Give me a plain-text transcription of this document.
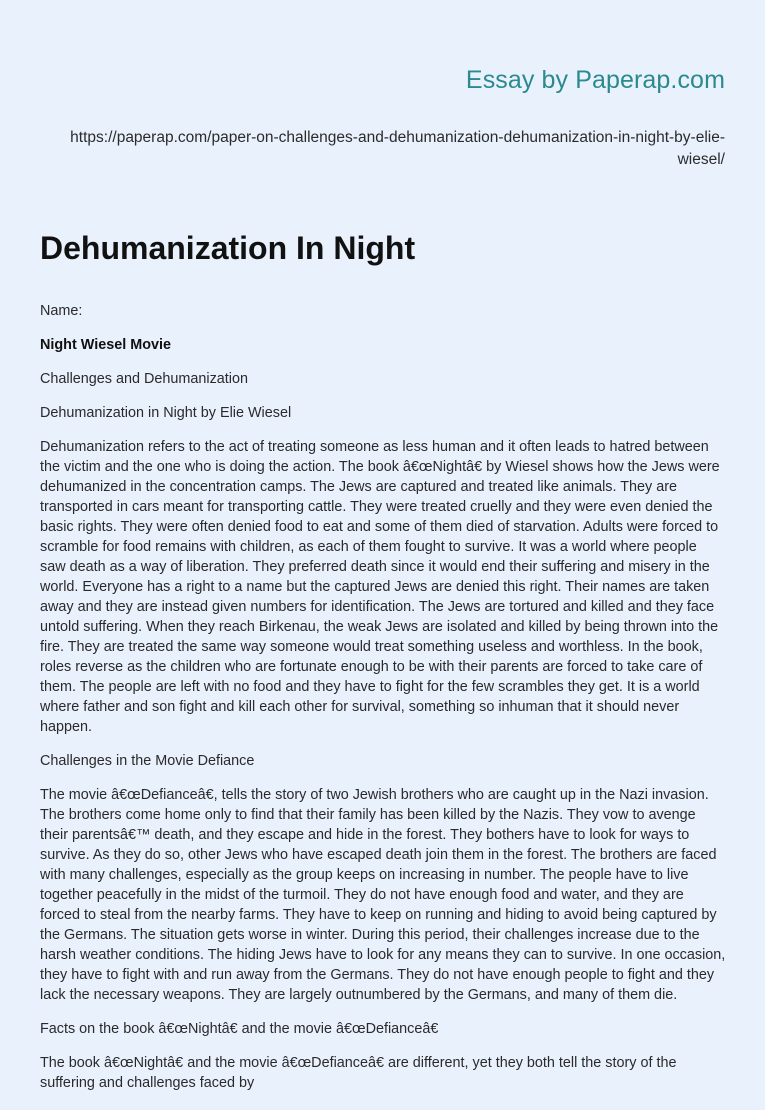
Essay by Paperap.com
https://paperap.com/paper-on-challenges-and-dehumanization-dehumanization-in-night-by-elie-wiesel/
Dehumanization In Night

Name:

Night Wiesel Movie

Challenges and Dehumanization

Dehumanization in Night by Elie Wiesel

Dehumanization refers to the act of treating someone as less human and it often leads to hatred between the victim and the one who is doing the action. The book â€œNightâ€ by Wiesel shows how the Jews were dehumanized in the concentration camps. The Jews are captured and treated like animals. They are transported in cars meant for transporting cattle. They were treated cruelly and they were even denied the basic rights. They were often denied food to eat and some of them died of starvation. Adults were forced to scramble for food remains with children, as each of them fought to survive. It was a world where people saw death as a way of liberation. They preferred death since it would end their suffering and misery in the world. Everyone has a right to a name but the captured Jews are denied this right. Their names are taken away and they are instead given numbers for identification. The Jews are tortured and killed and they face untold suffering. When they reach Birkenau, the weak Jews are isolated and killed by being thrown into the fire. They are treated the same way someone would treat something useless and worthless. In the book, roles reverse as the children who are fortunate enough to be with their parents are forced to take care of them. The people are left with no food and they have to fight for the few scrambles they get. It is a world where father and son fight and kill each other for survival, something so inhuman that it should never happen.

Challenges in the Movie Defiance

The movie â€œDefianceâ€, tells the story of two Jewish brothers who are caught up in the Nazi invasion. The brothers come home only to find that their family has been killed by the Nazis. They vow to avenge their parentsâ€™ death, and they escape and hide in the forest. They bothers have to look for ways to survive. As they do so, other Jews who have escaped death join them in the forest. The brothers are faced with many challenges, especially as the group keeps on increasing in number. The people have to live together peacefully in the midst of the turmoil. They do not have enough food and water, and they are forced to steal from the nearby farms. They have to keep on running and hiding to avoid being captured by the Germans. The situation gets worse in winter. During this period, their challenges increase due to the harsh weather conditions. The hiding Jews have to look for any means they can to survive. In one occasion, they have to fight with and run away from the Germans. They do not have enough people to fight and they lack the necessary weapons. They are largely outnumbered by the Germans, and many of them die.

Facts on the book â€œNightâ€ and the movie â€œDefianceâ€

The book â€œNightâ€ and the movie â€œDefianceâ€ are different, yet they both tell the story of the suffering and challenges faced by
